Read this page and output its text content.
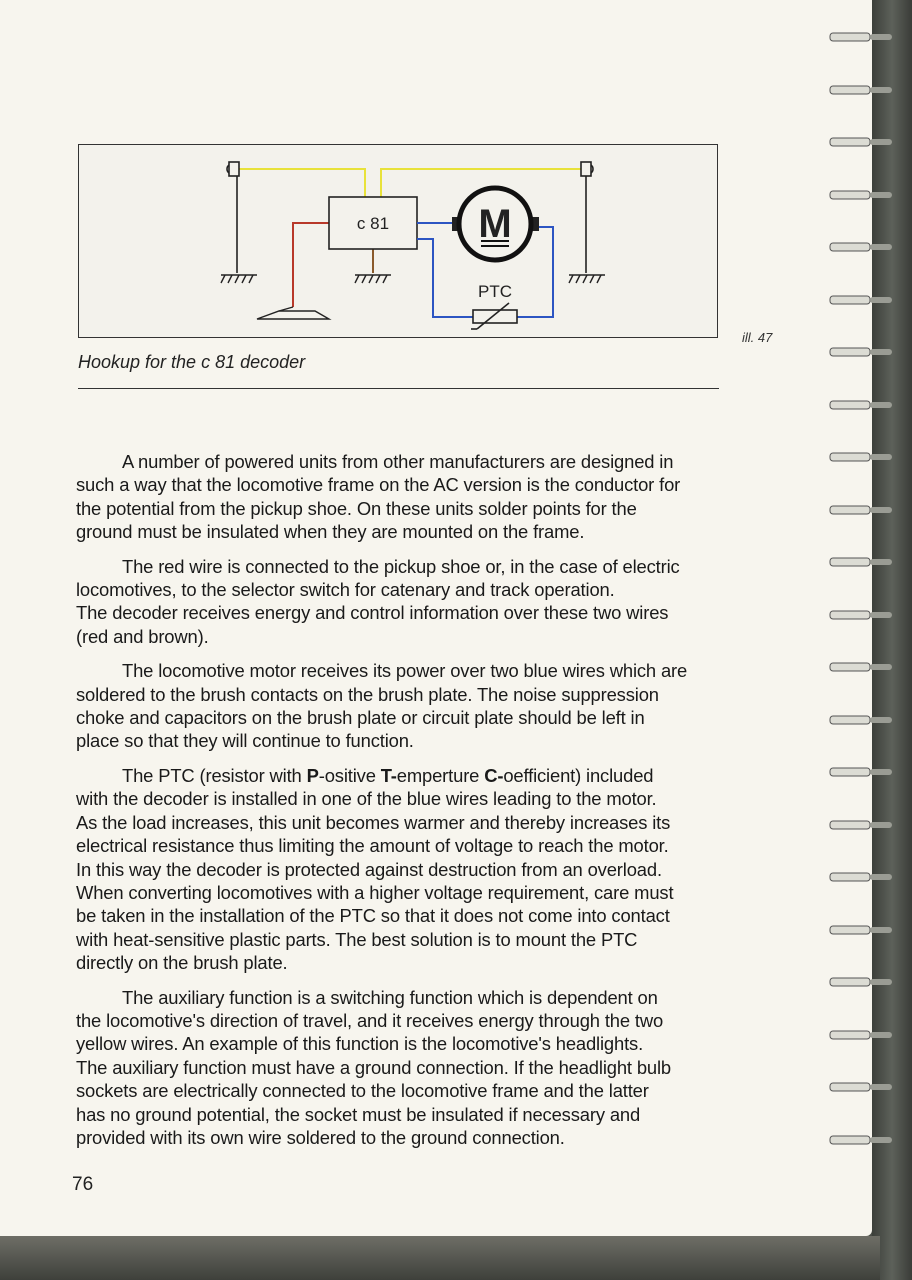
c 81 M
PTC
ill. 47
Hookup for the c 81 decoder

A number of powered units from other manufacturers are designed in
such a way that the locomotive frame on the AC version is the conductor for
the potential from the pickup shoe. On these units solder points for the
ground must be insulated when they are mounted on the frame.

The red wire is connected to the pickup shoe or, in the case of electric
locomotives, to the selector switch for catenary and track operation.
The decoder receives energy and control information over these two wires
(red and brown).

The locomotive motor receives its power over two blue wires which are
soldered to the brush contacts on the brush plate. The noise suppression
choke and capacitors on the brush plate or circuit plate should be left in
place so that they will continue to function.

The PTC (resistor with P-ositive T-emperture C-oefficient) included
with the decoder is installed in one of the blue wires leading to the motor.
As the load increases, this unit becomes warmer and thereby increases its
electrical resistance thus limiting the amount of voltage to reach the motor.
In this way the decoder is protected against destruction from an overload.
When converting locomotives with a higher voltage requirement, care must
be taken in the installation of the PTC so that it does not come into contact
with heat-sensitive plastic parts. The best solution is to mount the PTC
directly on the brush plate.

The auxiliary function is a switching function which is dependent on
the locomotive's direction of travel, and it receives energy through the two
yellow wires. An example of this function is the locomotive's headlights.
The auxiliary function must have a ground connection. If the headlight bulb
sockets are electrically connected to the locomotive frame and the latter
has no ground potential, the socket must be insulated if necessary and
provided with its own wire soldered to the ground connection.

76
